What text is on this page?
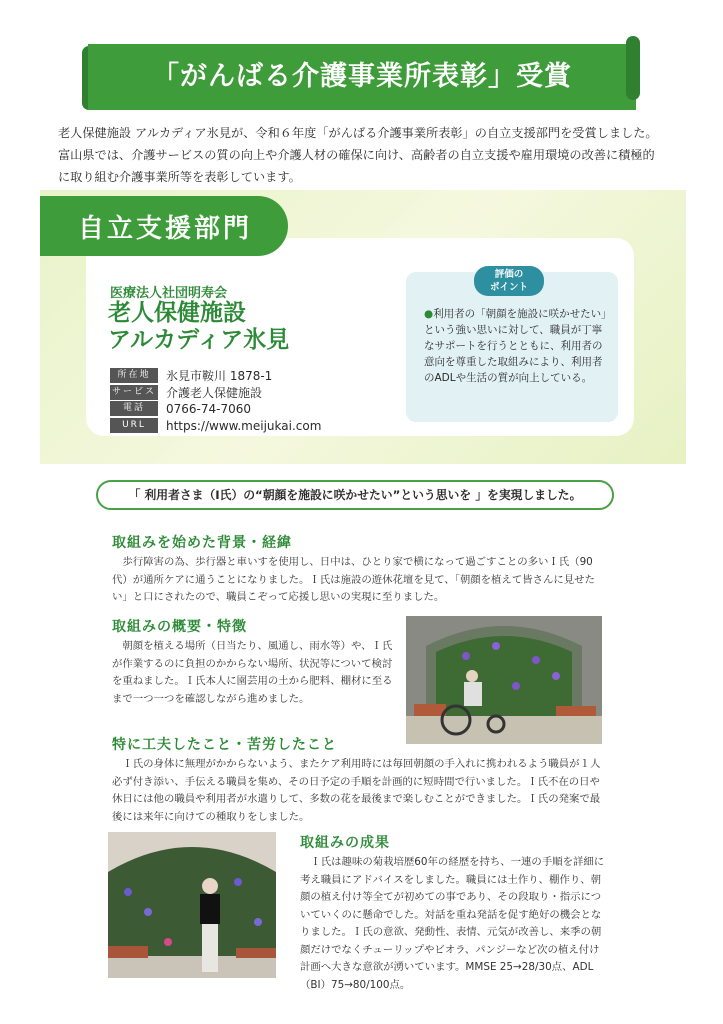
「がんばる介護事業所表彰」受賞
老人保健施設 アルカディア氷見が、令和６年度「がんばる介護事業所表彰」の自立支援部門を受賞しました。
富山県では、介護サービスの質の向上や介護人材の確保に向け、高齢者の自立支援や雇用環境の改善に積極的
に取り組む介護事業所等を表彰しています。
自立支援部門
医療法人社団明寿会
老人保健施設
アルカディア氷見
所在地 氷見市鞍川 1878-1
サービス 介護老人保健施設
電話 0766-74-7060
URL https://www.meijukai.com
評価の
ポイント
●利用者の「朝顔を施設に咲かせたい」という強い思いに対して、職員が丁寧なサポートを行うとともに、利用者の意向を尊重した取組みにより、利用者のADLや生活の質が向上している。
「 利用者さま（I氏）の“朝顔を施設に咲かせたい”という思いを 」を実現しました。
取組みを始めた背景・経緯
　歩行障害の為、歩行器と車いすを使用し、日中は、ひとり家で横になって過ごすことの多いＩ氏（90代）が通所ケアに通うことになりました。Ｉ氏は施設の遊休花壇を見て、「朝顔を植えて皆さんに見せたい」と口にされたので、職員こぞって応援し思いの実現に至りました。
取組みの概要・特徴
　朝顔を植える場所（日当たり、風通し、雨水等）や、Ｉ氏が作業するのに負担のかからない場所、状況等について検討を重ねました。Ｉ氏本人に園芸用の土から肥料、棚材に至るまで一つ一つを確認しながら進めました。
特に工夫したこと・苦労したこと
　Ｉ氏の身体に無理がかからないよう、またケア利用時には毎回朝顔の手入れに携われるよう職員が１人必ず付き添い、手伝える職員を集め、その日予定の手順を計画的に短時間で行いました。Ｉ氏不在の日や休日には他の職員や利用者が水遣りして、多数の花を最後まで楽しむことができました。Ｉ氏の発案で最後には来年に向けての種取りをしました。
取組みの成果
　Ｉ氏は趣味の菊栽培歴60年の経歴を持ち、一連の手順を詳細に考え職員にアドバイスをしました。職員には土作り、棚作り、朝顔の植え付け等全てが初めての事であり、その段取り・指示についていくのに懸命でした。対話を重ね発話を促す絶好の機会となりました。Ｉ氏の意欲、発動性、表情、元気が改善し、来季の朝顔だけでなくチューリップやビオラ、パンジーなど次の植え付け計画へ大きな意欲が湧いています。MMSE 25→28/30点、ADL（BI）75→80/100点。
